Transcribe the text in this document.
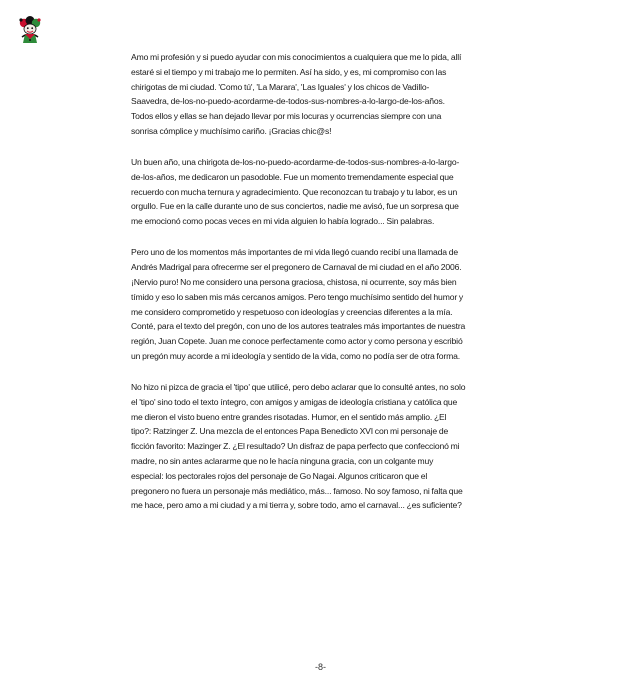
Amo mi profesión y si puedo ayudar con mis conocimientos a cualquiera que me lo pida, allí estaré si el tiempo y mi trabajo me lo permiten. Así ha sido, y es, mi compromiso con las chirigotas de mi ciudad. 'Como tú', 'La Marara', 'Las Iguales' y los chicos de Vadillo-Saavedra, de-los-no-puedo-acordarme-de-todos-sus-nombres-a-lo-largo-de-los-años. Todos ellos y ellas se han dejado llevar por mis locuras y ocurrencias siempre con una sonrisa cómplice y muchísimo cariño. ¡Gracias chic@s!

Un buen año, una chirigota de-los-no-puedo-acordarme-de-todos-sus-nombres-a-lo-largo-de-los-años, me dedicaron un pasodoble. Fue un momento tremendamente especial que recuerdo con mucha ternura y agradecimiento. Que reconozcan tu trabajo y tu labor, es un orgullo. Fue en la calle durante uno de sus conciertos, nadie me avisó, fue un sorpresa que me emocionó como pocas veces en mi vida alguien lo había logrado... Sin palabras.

Pero uno de los momentos más importantes de mi vida llegó cuando recibí una llamada de Andrés Madrigal para ofrecerme ser el pregonero de Carnaval de mi ciudad en el año 2006. ¡Nervio puro! No me considero una persona graciosa, chistosa, ni ocurrente, soy más bien tímido y eso lo saben mis más cercanos amigos. Pero tengo muchísimo sentido del humor y me considero comprometido y respetuoso con ideologías y creencias diferentes a la mía. Conté, para el texto del pregón, con uno de los autores teatrales más importantes de nuestra región, Juan Copete. Juan me conoce perfectamente como actor y como persona y escribió un pregón muy acorde a mi ideología y sentido de la vida, como no podía ser de otra forma.

No hizo ni pizca de gracia el 'tipo' que utilicé, pero debo aclarar que lo consulté antes, no solo el 'tipo' sino todo el texto íntegro, con amigos y amigas de ideología cristiana y católica que me dieron el visto bueno entre grandes risotadas. Humor, en el sentido más amplio. ¿El tipo?: Ratzinger Z. Una mezcla de el entonces Papa Benedicto XVI con mi personaje de ficción favorito: Mazinger Z. ¿El resultado? Un disfraz de papa perfecto que confeccionó mi madre, no sin antes aclararme que no le hacía ninguna gracia, con un colgante muy especial: los pectorales rojos del personaje de Go Nagai. Algunos criticaron que el pregonero no fuera un personaje más mediático, más... famoso. No soy famoso, ni falta que me hace, pero amo a mi ciudad y a mi tierra y, sobre todo, amo el carnaval... ¿es suficiente?

-8-
